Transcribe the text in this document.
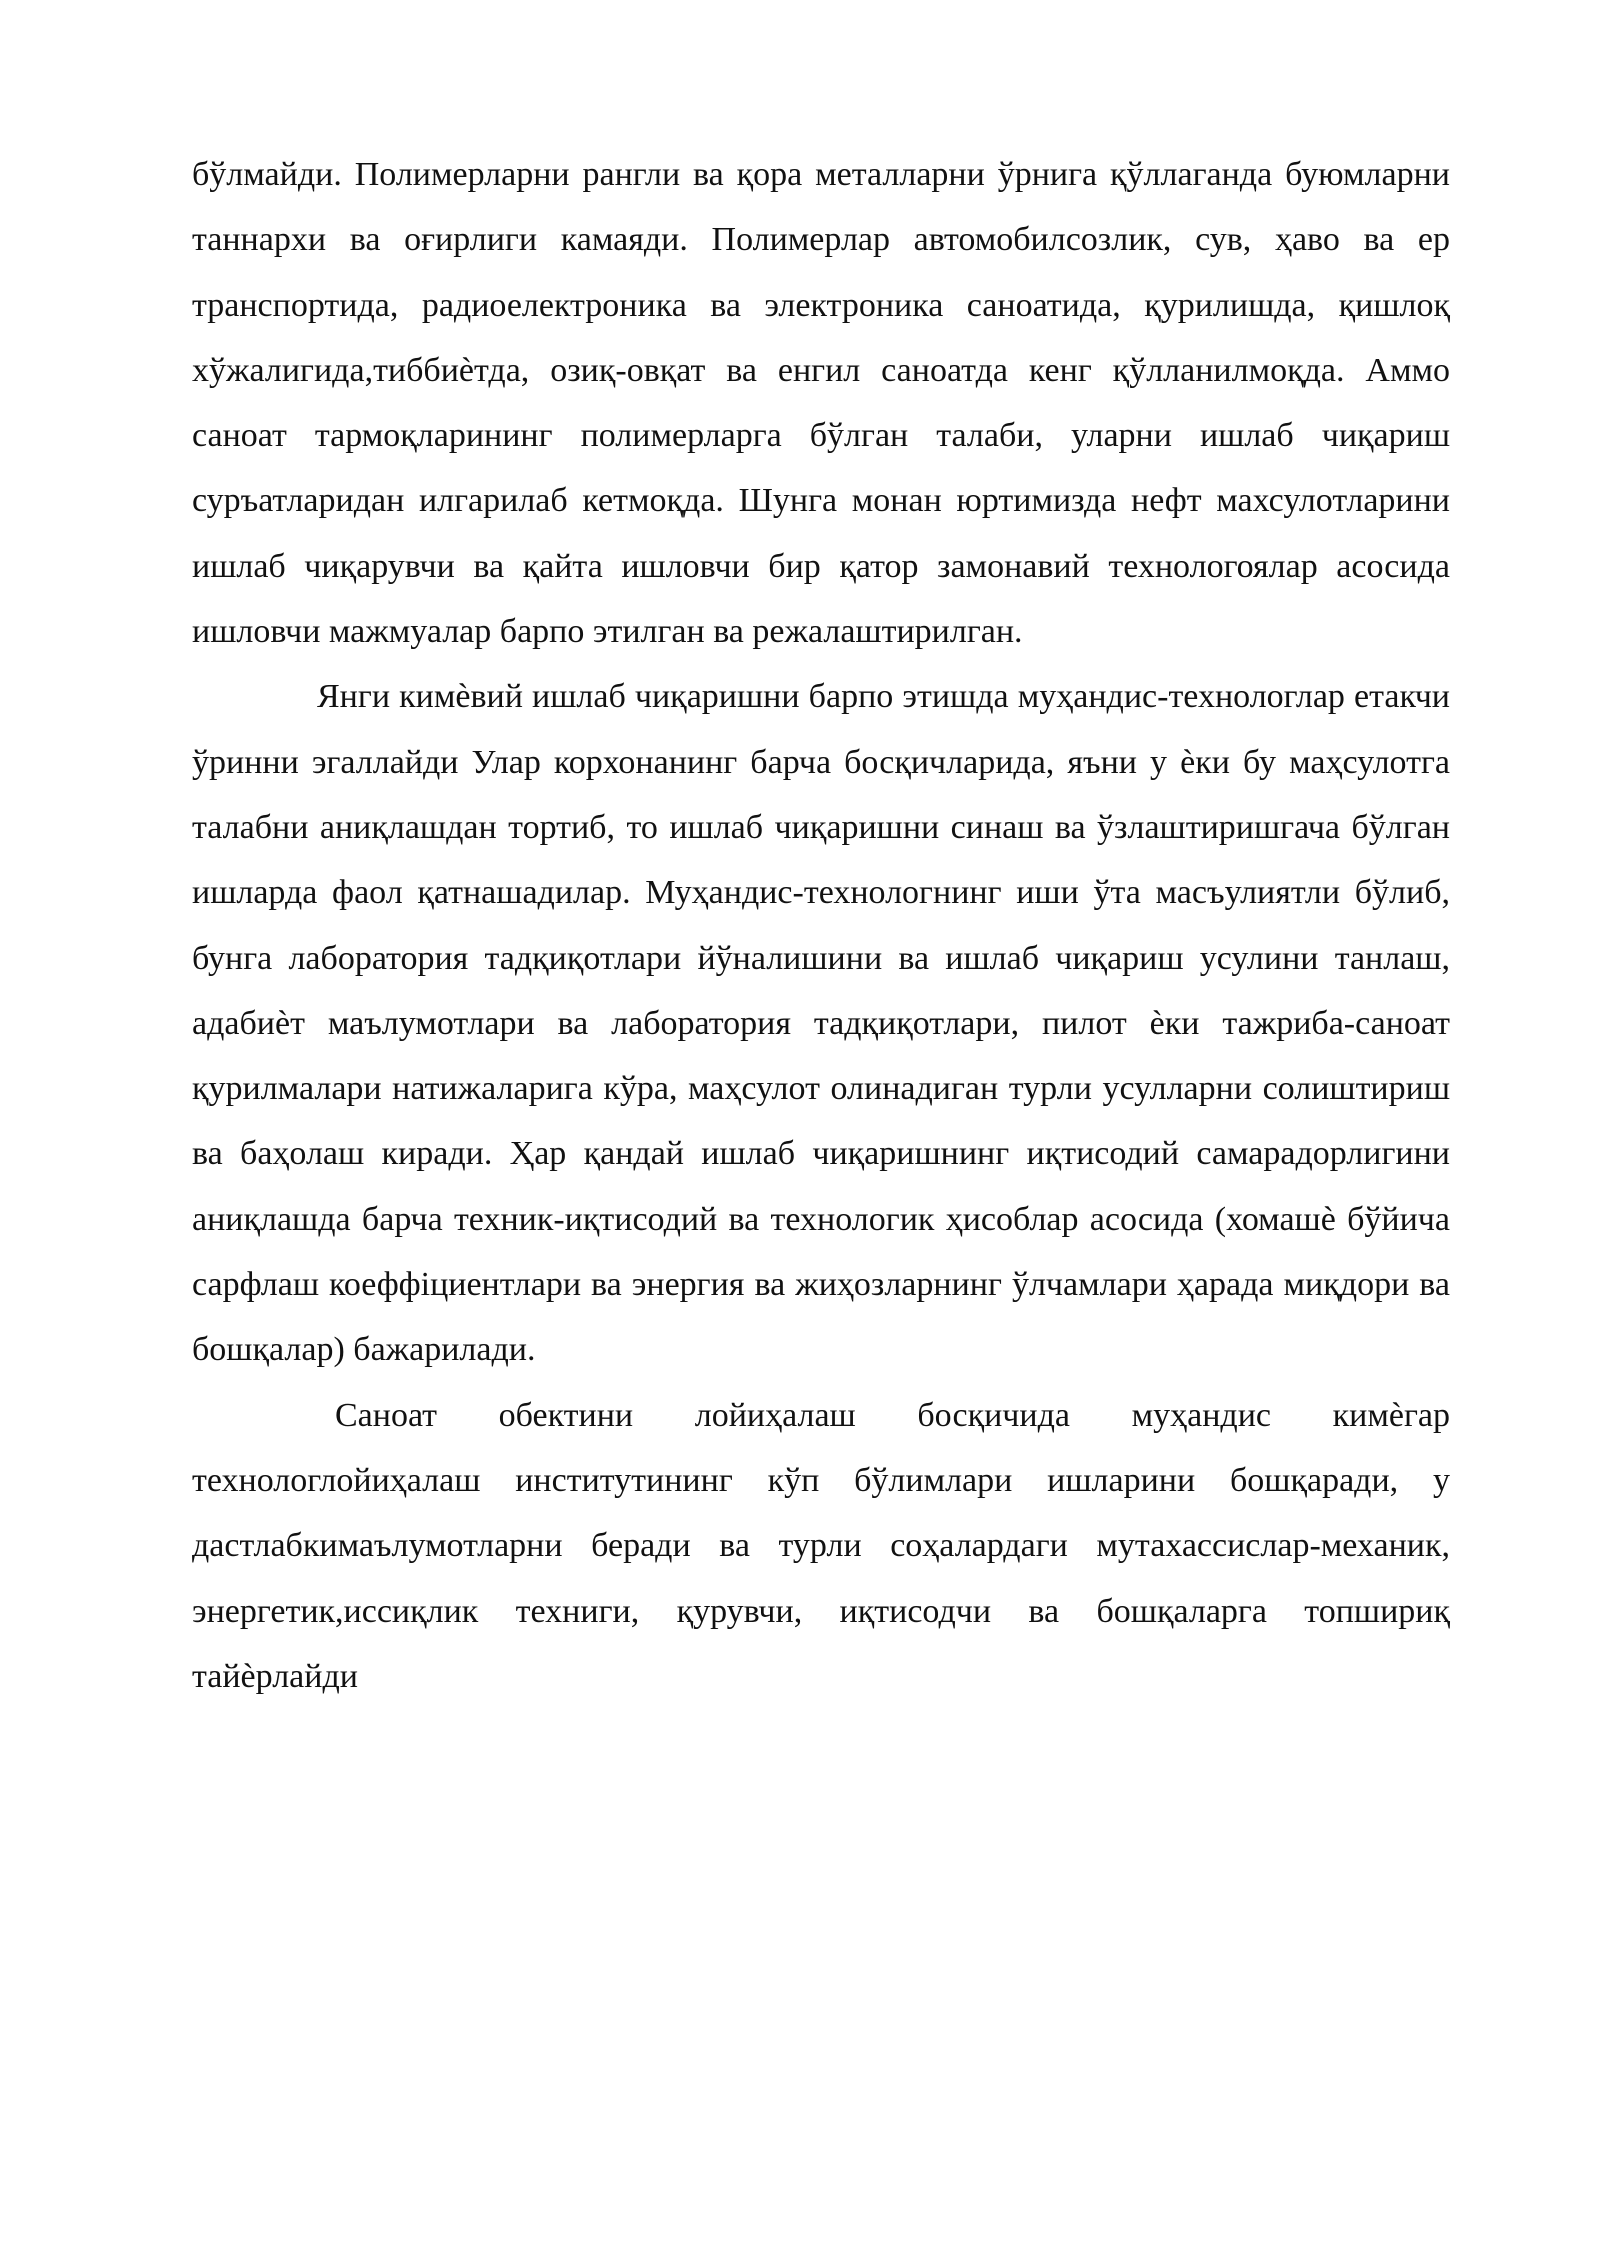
бўлмайди. Полимерларни рангли ва қора металларни ўрнига қўллаганда буюмларни таннархи ва оғирлиги камаяди. Полимерлар автомобилсозлик, сув, ҳаво ва ер транспортида, радиоелектроника ва электроника саноатида, қурилишда, қишлоқ хўжалигида,тиббиѐтда, озиқ-овқат ва енгил саноатда кенг қўлланилмоқда. Аммо саноат тармоқларининг полимерларга бўлган талаби, уларни ишлаб чиқариш суръатларидан илгарилаб кетмоқда. Шунга монан юртимизда нефт махсулотларини ишлаб чиқарувчи ва қайта ишловчи бир қатор замонавий технологоялар асосида ишловчи мажмуалар барпо этилган ва режалаштирилган.

Янги кимѐвий ишлаб чиқаришни барпо этишда муҳандис-технологлар етакчи ўринни эгаллайди Улар корхонанинг барча босқичларида, яъни у ѐки бу маҳсулотга талабни аниқлашдан тортиб, то ишлаб чиқаришни синаш ва ўзлаштиришгача бўлган ишларда фаол қатнашадилар. Муҳандис-технологнинг иши ўта масъулиятли бўлиб, бунга лаборатория тадқиқотлари йўналишини ва ишлаб чиқариш усулини танлаш, адабиѐт маълумотлари ва лаборатория тадқиқотлари, пилот ѐки тажриба-саноат қурилмалари натижаларига кўра, маҳсулот олинадиган турли усулларни солиштириш ва баҳолаш киради. Ҳар қандай ишлаб чиқаришнинг иқтисодий самарадорлигини аниқлашда барча техник-иқтисодий ва технологик ҳисоблар асосида (хомашѐ бўйича сарфлаш коеффіциентлари ва энергия ва жиҳозларнинг ўлчамлари ҳарада миқдори ва бошқалар) бажарилади.

Саноат обектини лойиҳалаш босқичида муҳандис кимѐгар технологлойиҳалаш институтининг кўп бўлимлари ишларини бошқаради, у дастлабкимаълумотларни беради ва турли соҳалардаги мутахассислар-механик, энергетик,иссиқлик техниги, қурувчи, иқтисодчи ва бошқаларга топшириқ тайѐрлайди
